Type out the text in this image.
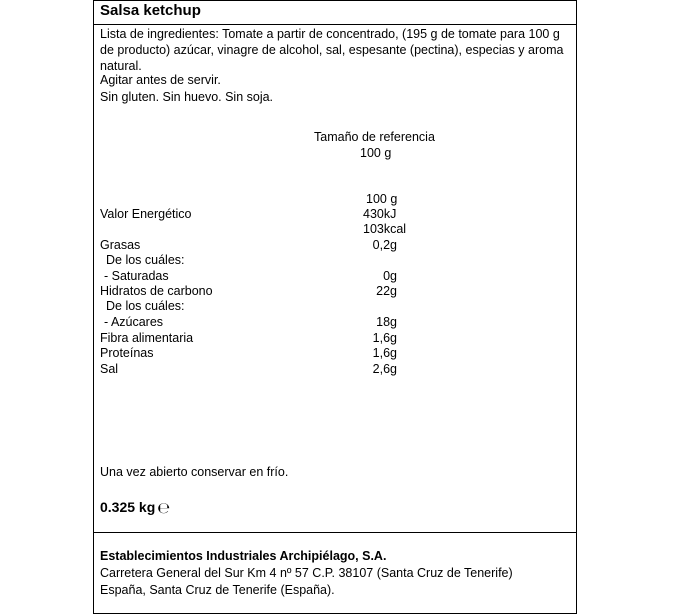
Salsa ketchup
Lista de ingredientes: Tomate a partir de concentrado, (195 g de tomate para 100 g de producto) azúcar, vinagre de alcohol, sal, espesante (pectina), especias y aroma natural.
Agitar antes de servir.
Sin gluten. Sin huevo. Sin soja.
Tamaño de referencia
100 g
100 g
Valor Energético	430kJ
103kcal
Grasas	0,2g
De los cuáles:
- Saturadas	0g
Hidratos de carbono	22g
De los cuáles:
- Azúcares	18g
Fibra alimentaria	1,6g
Proteínas	1,6g
Sal	2,6g
Una vez abierto conservar en frío.
0.325 kg ℮
Establecimientos Industriales Archipiélago, S.A.
Carretera General del Sur Km 4 nº 57 C.P. 38107 (Santa Cruz de Tenerife)
España, Santa Cruz de Tenerife (España).
